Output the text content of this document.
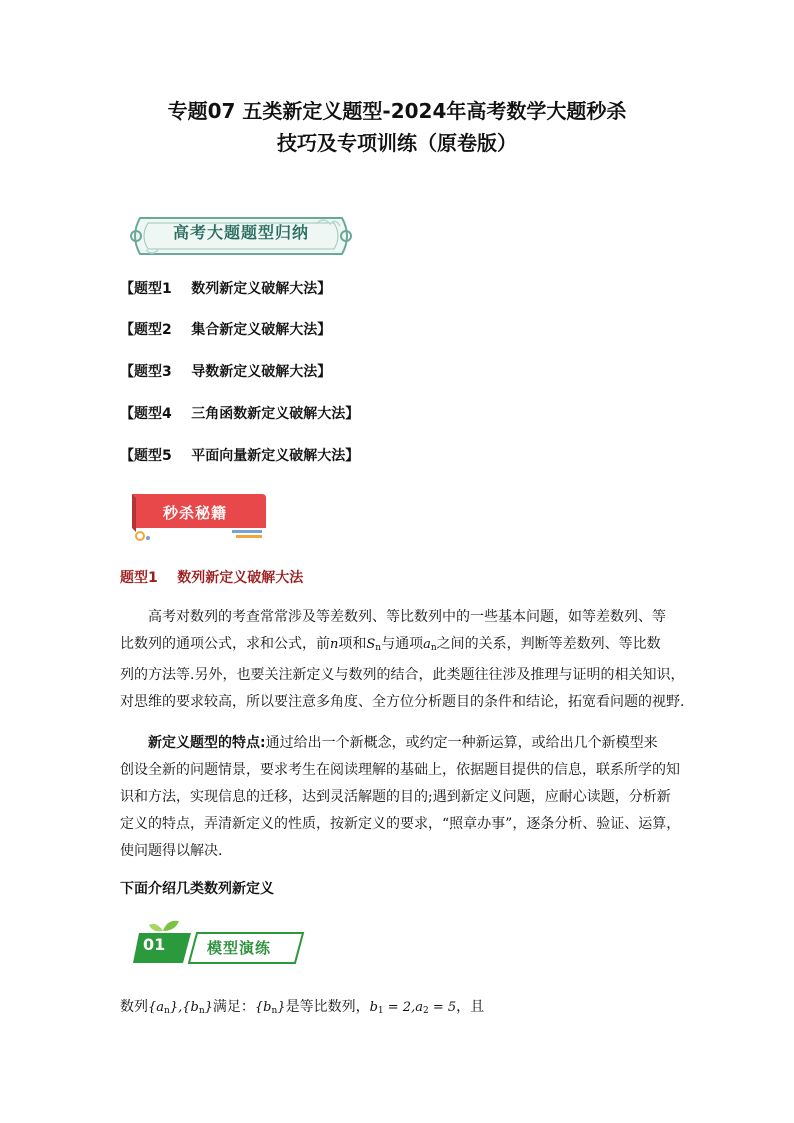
专题07 五类新定义题型-2024年高考数学大题秒杀
技巧及专项训练（原卷版）
高考大题题型归纳
【题型1    数列新定义破解大法】
【题型2    集合新定义破解大法】
【题型3    导数新定义破解大法】
【题型4    三角函数新定义破解大法】
【题型5    平面向量新定义破解大法】
秒杀秘籍
题型1    数列新定义破解大法
高考对数列的考查常常涉及等差数列、等比数列中的一些基本问题，如等差数列、等
比数列的通项公式，求和公式，前n项和$S_n$与通项$a_n$之间的关系，判断等差数列、等比数
列的方法等.另外，也要关注新定义与数列的结合，此类题往往涉及推理与证明的相关知识，
对思维的要求较高，所以要注意多角度、全方位分析题目的条件和结论，拓宽看问题的视野.
新定义题型的特点:通过给出一个新概念，或约定一种新运算，或给出几个新模型来
创设全新的问题情景，要求考生在阅读理解的基础上，依据题目提供的信息，联系所学的知
识和方法，实现信息的迁移，达到灵活解题的目的;遇到新定义问题，应耐心读题，分析新
定义的特点，弄清新定义的性质，按新定义的要求，“照章办事”，逐条分析、验证、运算，
使问题得以解决.
下面介绍几类数列新定义
01	模型演练
数列$\{a_n\},\{b_n\}$满足：$\{b_n\}$是等比数列，$b_1 = 2,a_2 = 5$，且
